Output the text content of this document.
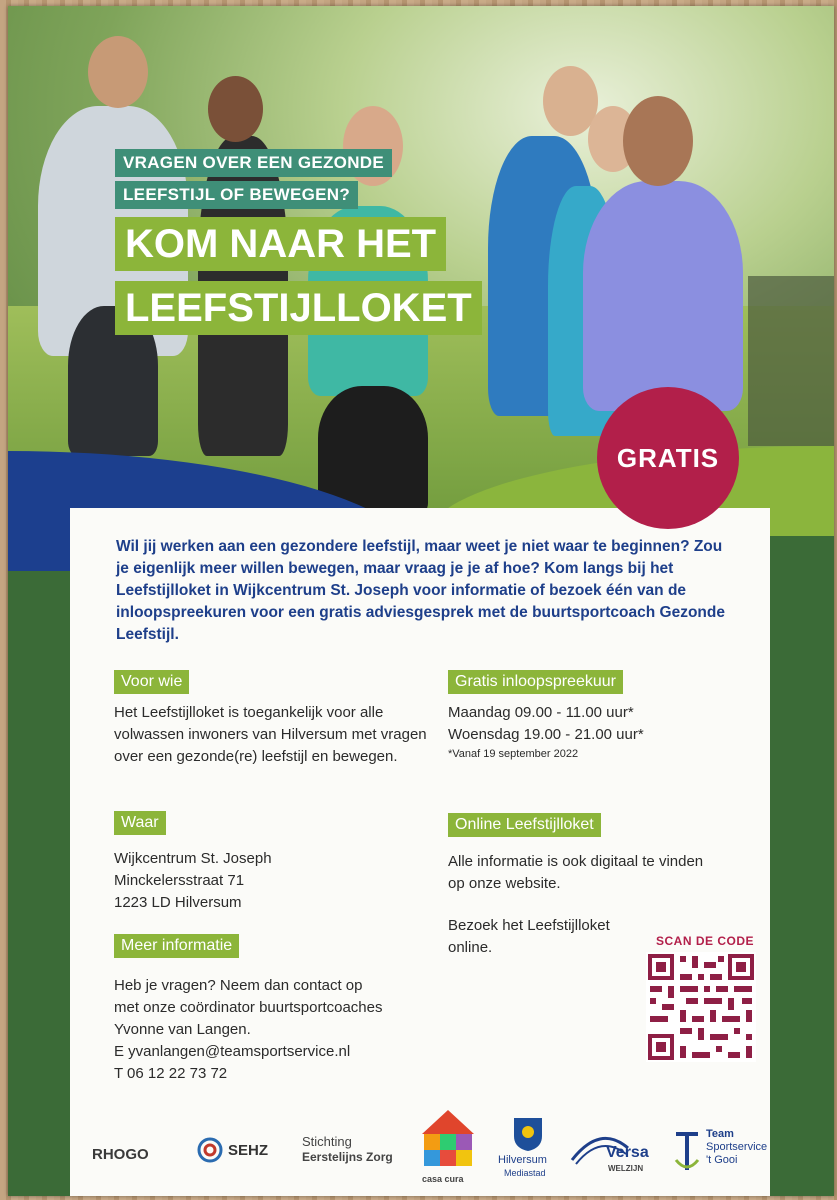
VRAGEN OVER EEN GEZONDE
LEEFSTIJL OF BEWEGEN?
KOM NAAR HET
LEEFSTIJLLOKET
Wil jij werken aan een gezondere leefstijl, maar weet je niet waar te beginnen? Zou je eigenlijk meer willen bewegen, maar vraag je je af hoe? Kom langs bij het Leefstijlloket in Wijkcentrum St. Joseph voor informatie of bezoek één van de inloopspreekuren voor een gratis adviesgesprek met de buurtsportcoach Gezonde Leefstijl.
Voor wie
Het Leefstijlloket is toegankelijk voor alle volwassen inwoners van Hilversum met vragen over een gezonde(re) leefstijl en bewegen.
Gratis inloopspreekuur
Maandag 09.00 - 11.00 uur*
Woensdag 19.00 - 21.00 uur*
*Vanaf 19 september 2022
Waar
Wijkcentrum St. Joseph
Minckelersstraat 71
1223 LD Hilversum
Online Leefstijlloket
Alle informatie is ook digitaal te vinden op onze website.
Bezoek het Leefstijlloket online.	SCAN DE CODE
Meer informatie
Heb je vragen? Neem dan contact op
met onze coördinator buurtsportcoaches
Yvonne van Langen.
E yvanlangen@teamsportservice.nl
T 06 12 22 73 72
RHOGO	SEHZ
Stichting
Eerstelijns Zorg
casa cura
Hilversum
Mediastad
Versa
WELZIJN
Team
Sportservice
't Gooi
GRATIS
